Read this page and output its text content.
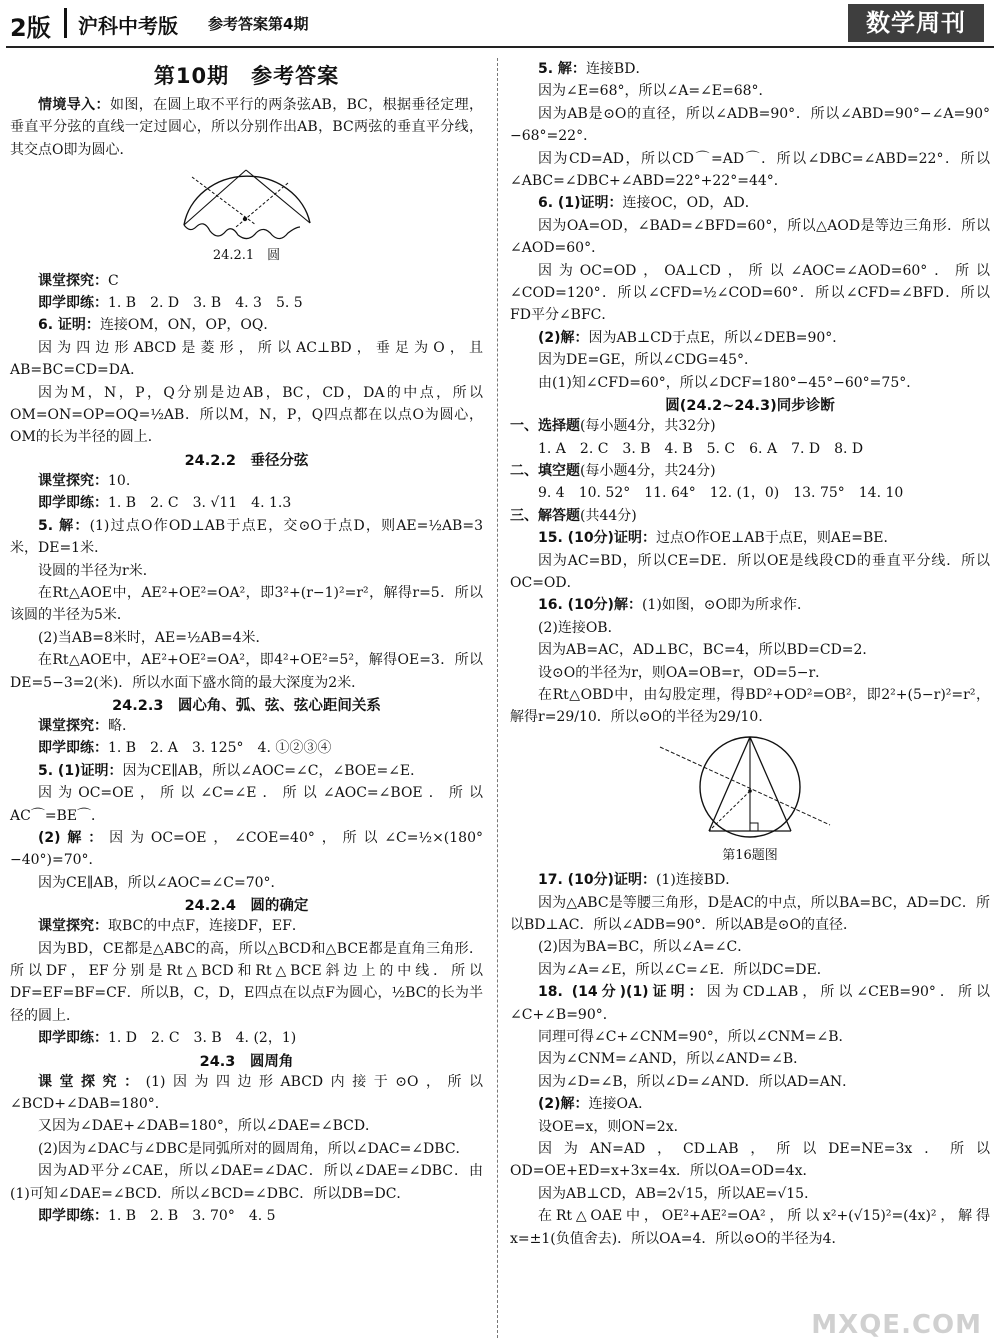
2版 沪科中考版 参考答案第4期	数学周刊
第10期　参考答案

情境导入：如图，在圆上取不平行的两条弦AB，BC，根据垂径定理，垂直平分弦的直线一定过圆心，所以分别作出AB，BC两弦的垂直平分线，其交点O即为圆心．

24.2.1　圆

课堂探究：C

即学即练：1. B　2. D　3. B　4. 3　5. 5

6. 证明：连接OM，ON，OP，OQ．

因为四边形ABCD是菱形，所以AC⊥BD，垂足为O，且AB=BC=CD=DA．

因为M，N，P，Q分别是边AB，BC，CD，DA的中点，所以OM=ON=OP=OQ=½AB．所以M，N，P，Q四点都在以点O为圆心，OM的长为半径的圆上．

24.2.2　垂径分弦

课堂探究：10.

即学即练：1. B　2. C　3. √11　4. 1.3

5. 解：(1)过点O作OD⊥AB于点E，交⊙O于点D，则AE=½AB=3米，DE=1米．

设圆的半径为r米．

在Rt△AOE中，AE²+OE²=OA²，即3²+(r−1)²=r²，解得r=5．所以该圆的半径为5米．

(2)当AB=8米时，AE=½AB=4米．

在Rt△AOE中，AE²+OE²=OA²，即4²+OE²=5²，解得OE=3．所以DE=5−3=2(米)．所以水面下盛水筒的最大深度为2米．

24.2.3　圆心角、弧、弦、弦心距间关系

课堂探究：略.

即学即练：1. B　2. A　3. 125°　4. ①②③④

5. (1)证明：因为CE∥AB，所以∠AOC=∠C，∠BOE=∠E．

因为OC=OE，所以∠C=∠E．所以∠AOC=∠BOE．所以AC⌒=BE⌒．

(2)解：因为OC=OE，∠COE=40°，所以∠C=½×(180°−40°)=70°．

因为CE∥AB，所以∠AOC=∠C=70°．

24.2.4　圆的确定

课堂探究：取BC的中点F，连接DF，EF．

因为BD，CE都是△ABC的高，所以△BCD和△BCE都是直角三角形．所以DF，EF分别是Rt△BCD和Rt△BCE斜边上的中线．所以DF=EF=BF=CF．所以B，C，D，E四点在以点F为圆心，½BC的长为半径的圆上．

即学即练：1. D　2. C　3. B　4. (2，1)

24.3　圆周角

课堂探究：(1)因为四边形ABCD内接于⊙O，所以∠BCD+∠DAB=180°．

又因为∠DAE+∠DAB=180°，所以∠DAE=∠BCD．

(2)因为∠DAC与∠DBC是同弧所对的圆周角，所以∠DAC=∠DBC．

因为AD平分∠CAE，所以∠DAE=∠DAC．所以∠DAE=∠DBC．由(1)可知∠DAE=∠BCD．所以∠BCD=∠DBC．所以DB=DC．

即学即练：1. B　2. B　3. 70°　4. 5

5. 解：连接BD．

因为∠E=68°，所以∠A=∠E=68°．

因为AB是⊙O的直径，所以∠ADB=90°．所以∠ABD=90°−∠A=90°−68°=22°．

因为CD=AD，所以CD⌒=AD⌒．所以∠DBC=∠ABD=22°．所以∠ABC=∠DBC+∠ABD=22°+22°=44°．

6. (1)证明：连接OC，OD，AD．

因为OA=OD，∠BAD=∠BFD=60°，所以△AOD是等边三角形．所以∠AOD=60°．

因为OC=OD，OA⊥CD，所以∠AOC=∠AOD=60°．所以∠COD=120°．所以∠CFD=½∠COD=60°．所以∠CFD=∠BFD．所以FD平分∠BFC．

(2)解：因为AB⊥CD于点E，所以∠DEB=90°．

因为DE=GE，所以∠CDG=45°．

由(1)知∠CFD=60°，所以∠DCF=180°−45°−60°=75°．

圆(24.2~24.3)同步诊断

一、选择题(每小题4分，共32分)

1. A　2. C　3. B　4. B　5. C　6. A　7. D　8. D

二、填空题(每小题4分，共24分)

9. 4　10. 52°　11. 64°　12. (1，0)　13. 75°　14. 10

三、解答题(共44分)

15. (10分)证明：过点O作OE⊥AB于点E，则AE=BE．

因为AC=BD，所以CE=DE．所以OE是线段CD的垂直平分线．所以OC=OD．

16. (10分)解：(1)如图，⊙O即为所求作．

(2)连接OB．

因为AB=AC，AD⊥BC，BC=4，所以BD=CD=2．

设⊙O的半径为r，则OA=OB=r，OD=5−r．

在Rt△OBD中，由勾股定理，得BD²+OD²=OB²，即2²+(5−r)²=r²，解得r=29/10．所以⊙O的半径为29/10．

第16题图

17. (10分)证明：(1)连接BD．

因为△ABC是等腰三角形，D是AC的中点，所以BA=BC，AD=DC．所以BD⊥AC．所以∠ADB=90°．所以AB是⊙O的直径．

(2)因为BA=BC，所以∠A=∠C．

因为∠A=∠E，所以∠C=∠E．所以DC=DE．

18. (14分)(1)证明：因为CD⊥AB，所以∠CEB=90°．所以∠C+∠B=90°．

同理可得∠C+∠CNM=90°，所以∠CNM=∠B．

因为∠CNM=∠AND，所以∠AND=∠B．

因为∠D=∠B，所以∠D=∠AND．所以AD=AN．

(2)解：连接OA．

设OE=x，则ON=2x．

因为AN=AD，CD⊥AB，所以DE=NE=3x．所以OD=OE+ED=x+3x=4x．所以OA=OD=4x．

因为AB⊥CD，AB=2√15，所以AE=√15．

在Rt△OAE中，OE²+AE²=OA²，所以x²+(√15)²=(4x)²，解得x=±1(负值舍去)．所以OA=4．所以⊙O的半径为4．

MXQE.COM
